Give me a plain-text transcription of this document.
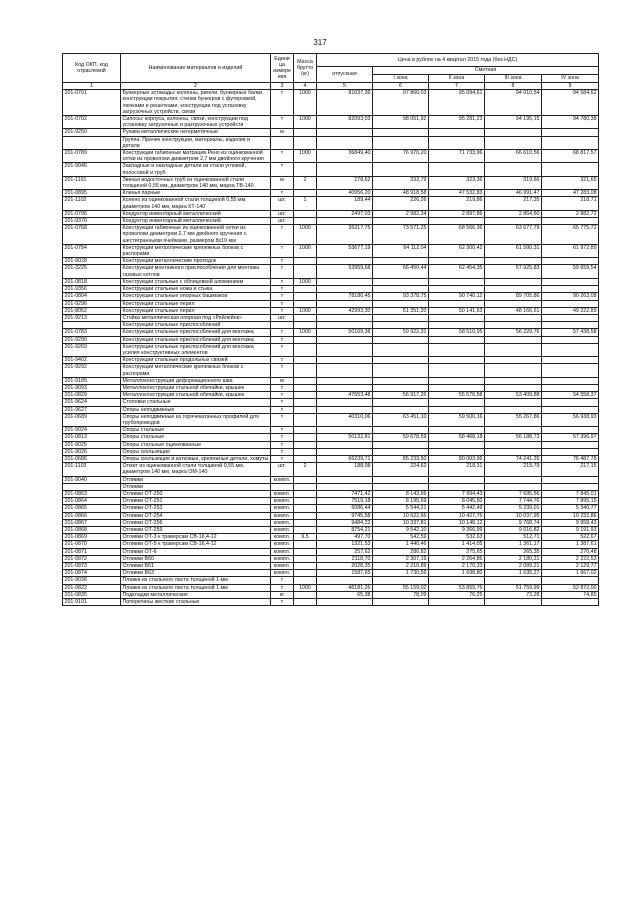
317
Код ОКП, код отраслевой	Наименование материалов и изделий	Едини ца измере ния	Масса брутто (кг)	Цена в рублях на 4 квартал 2015 года (без НДС)				
				отпускная	Сметная			
					I зона	II зона	III зона	IV зона
1	2	3	4	5	6	7	8	9
201-0701	Бункерные эстакады: колонны, ригели, бункерные балки, конструкции покрытия, стенки бункеров с футеровкой, лючками и решетками, конструкции под установку загрузочных устройств, связи	т	1000	81037,36	97 860,03	95 094,61	94 010,54	94 584,62
201-0702	Силосы: корпуса, колонны, связи, конструкции под установку загрузочных и разгрузочных устройств	т	1000	82093,03	98 051,92	95 281,23	94 195,15	94 780,38
201-9250	Рукава металлические негерметичные	м						
	Группа: Прочие конструкции, материалы, изделия и детали							
201-0789	Конструкции габионные матрацев Рено из оцинкованной сетки из проволоки диаметром 2,7 мм двойного кручения	т	1000	36849,40	76 970,20	71 733,96	66 610,56	68 817,57
201-9046	Закладные и накладные детали из стали угловой, полосовой и труб	т						
201-1101	Звенья водосточных труб из оцинкованной стали толщиной 0,55 мм, диаметром 140 мм, марка ТВ-140	м	2	278,62	332,79	323,36	319,66	321,65
201-0895	Клинья парные	т		40956,20	48 918,58	47 532,83	46 991,47	47 283,08
201-1102	Колено из оцинкованной стали толщиной 0,55 мм, диаметром 140 мм, марка КТ-140	шт.	1	189,44	226,26	219,86	217,35	218,71
201-0796	Кондуктор инвентарный металлический	шт.		2497,03	2 982,34	2 897,86	2 864,60	2 882,72
201-9370	Кондуктор инвентарный металлический	шт.						
201-0768	Конструкции габионные из оцинкованной сетки из проволоки диаметром 2,7 мм двойного кручения с шестигранными ячейками, размером 8х10 мм	т	1000	35317,75	73 571,25	68 566,36	63 677,79	65 775,72
201-0784	Конструкции металлические крепежных блоков с распорами	т	1000	53677,19	64 112,04	62 300,42	61 590,31	61 972,89
201-9028	Конструкции металлические проходок	т						
201-3225	Конструкции монтажного приспособления для монтажа газовых котлов	т		53959,68	66 450,44	62 454,35	57 925,83	59 659,54
201-0818	Конструкции стальные с облицовкой алюминием	т	1000					
201-9356	Конструкции стальные ножа и стыка	т						
201-0804	Конструкции стальные опорных башмаков	т		78180,45	93 378,75	90 740,12	89 705,86	90 263,08
201-9296	Конструкции стальные перил	т						
201-8052	Конструкции стальные перил	т	1000	42993,30	51 351,20	50 141,63	48 166,61	49 222,89
201-9213	Стойка металлическая опорная под «Рейлейнк»	шт.						
	Конструкции стальные приспособлений							
201-0783	Конструкции стальные приспособлений для монтажа	т	1000	50169,38	59 922,31	58 510,95	56 229,76	57 438,58
201-9290	Конструкции стальные приспособлений для монтажа	т						
201-9269	Конструкции стальные приспособлений для монтажа усилия конструктивных элементов	т						
201-9402	Конструкции стальные продольных связей	т						
201-9292	Конструкции металлические крепежных блоков с распорами	т						
201-9185	Металлоконструкции деформационного шва	м						
201-9093	Металлоконструкции стальной обечайки, крышек	т						
201-0829	Металлоконструкции стальной обечайки, крышек	т		47653,48	56 917,26	55 576,58	53 409,88	54 558,37
201-9624	Столовки стальные	т						
201-9627	Опоры неподвижные	т						
201-0689	Опоры неподвижные из горячекатанных профилей для трубопроводов	т		40310,06	63 451,10	59 500,16	55 267,86	56 938,93
201-9024	Опоры стальные	т						
201-0813	Опоры стальные	т		50132,81	59 678,59	58 468,18	56 188,73	57 396,97
201-9025	Опоры стальные оцинкованные	т						
201-9026	Опоры скользящие	т						
201-0686	Опоры скользящие и катковые, крепежные детали, хомуты	т		66239,71	85 233,50	80 003,96	74 241,35	76 487,78
201-1103	Отмет из оцинкованной стали толщиной 0,55 мм, диаметром 140 мм, марка ОМ-140	шт.	2	188,08	224,62	218,31	215,79	217,15
201-9040	Отливки	компл.						
	Отливки							
201-0863	Отливки ОТ-250	компл.		7471,42	8 143,66	7 994,43	7 695,56	7 845,01
201-0864	Отливки ОТ-251	компл.		7519,18	8 195,69	8 045,50	7 744,76	7 895,15
201-0865	Отливки ОТ-253	компл.		5086,44	5 544,21	5 442,49	5 239,01	5 340,77
201-0866	Отливки ОТ-254	компл.		9745,58	10 622,66	10 427,76	10 037,95	10 232,86
201-0867	Отливки ОТ-256	компл.		9484,22	10 337,81	10 148,12	9 768,74	9 958,43
201-0868	Отливки ОТ-259	компл.		8754,21	9 542,10	9 366,99	9 016,82	9 191,93
201-0869	Отливки ОТ-3 к траверсам СВ-16,4-12	компл.	9,5	497,70	542,59	532,63	512,71	522,67
201-0870	Отливки ОТ-5 к траверсам СВ-16,4-12	компл.		1321,53	1 440,46	1 414,05	1 361,17	1 387,61
201-0871	Отливки ОТ-6	компл.		257,62	280,82	275,65	265,35	270,48
201-0872	Отливки В60	компл.		2118,70	2 307,19	2 264,86	2 180,21	2 222,53
201-0873	Отливки В61	компл.		2028,35	2 210,89	2 170,33	2 089,21	2 129,77
201-0874	Отливки В63	компл.		1587,65	1 730,56	1 698,80	1 635,27	1 667,02
201-9038	Плавки из стального листа толщиной 1 мм	т						
201-0822	Плавки из стального листа толщиной 1 мм	т	1000	46181,26	55 159,02	53 859,76	51 759,99	52 872,00
201-0835	Подкладки металлические	кг		65,38	78,09	76,25	73,28	74,85
201-9191	Поперечины жесткие стальные	т						
